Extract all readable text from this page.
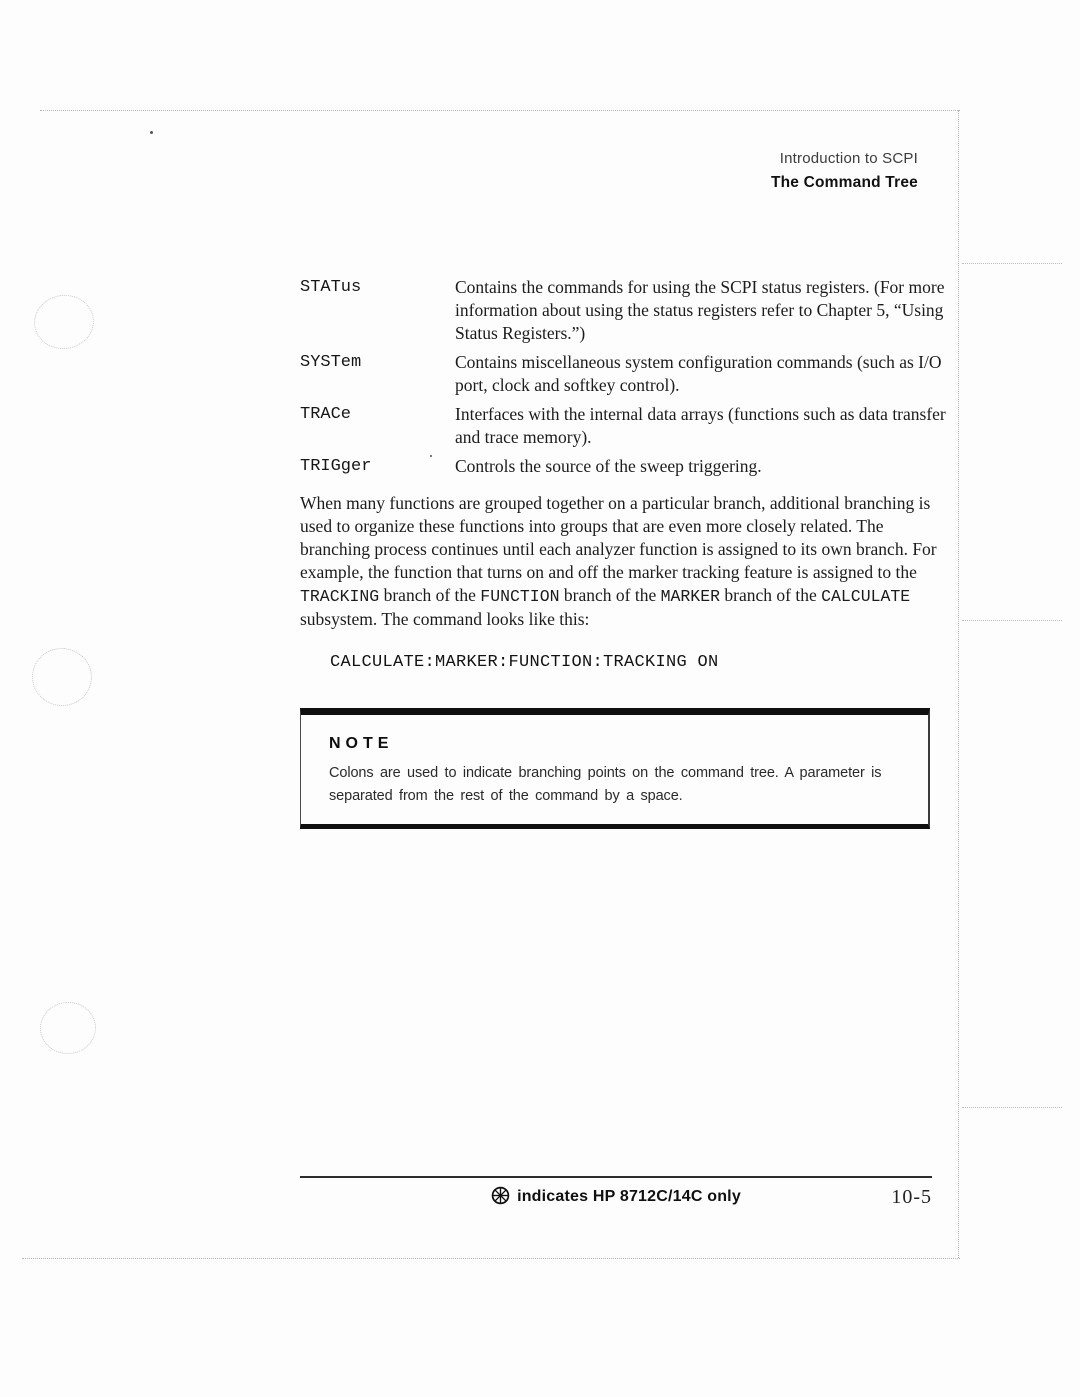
Introduction to SCPI
The Command Tree
STATus	Contains the commands for using the SCPI status registers. (For more information about using the status registers refer to Chapter 5, “Using Status Registers.”)
SYSTem	Contains miscellaneous system configuration commands (such as I/O port, clock and softkey control).
TRACe	Interfaces with the internal data arrays (functions such as data transfer and trace memory).
TRIGger	Controls the source of the sweep triggering.
When many functions are grouped together on a particular branch, additional branching is used to organize these functions into groups that are even more closely related. The branching process continues until each analyzer function is assigned to its own branch. For example, the function that turns on and off the marker tracking feature is assigned to the TRACKING branch of the FUNCTION branch of the MARKER branch of the CALCULATE subsystem. The command looks like this:
CALCULATE:MARKER:FUNCTION:TRACKING ON
NOTE
Colons are used to indicate branching points on the command tree. A parameter is separated from the rest of the command by a space.
indicates HP 8712C/14C only	10-5
